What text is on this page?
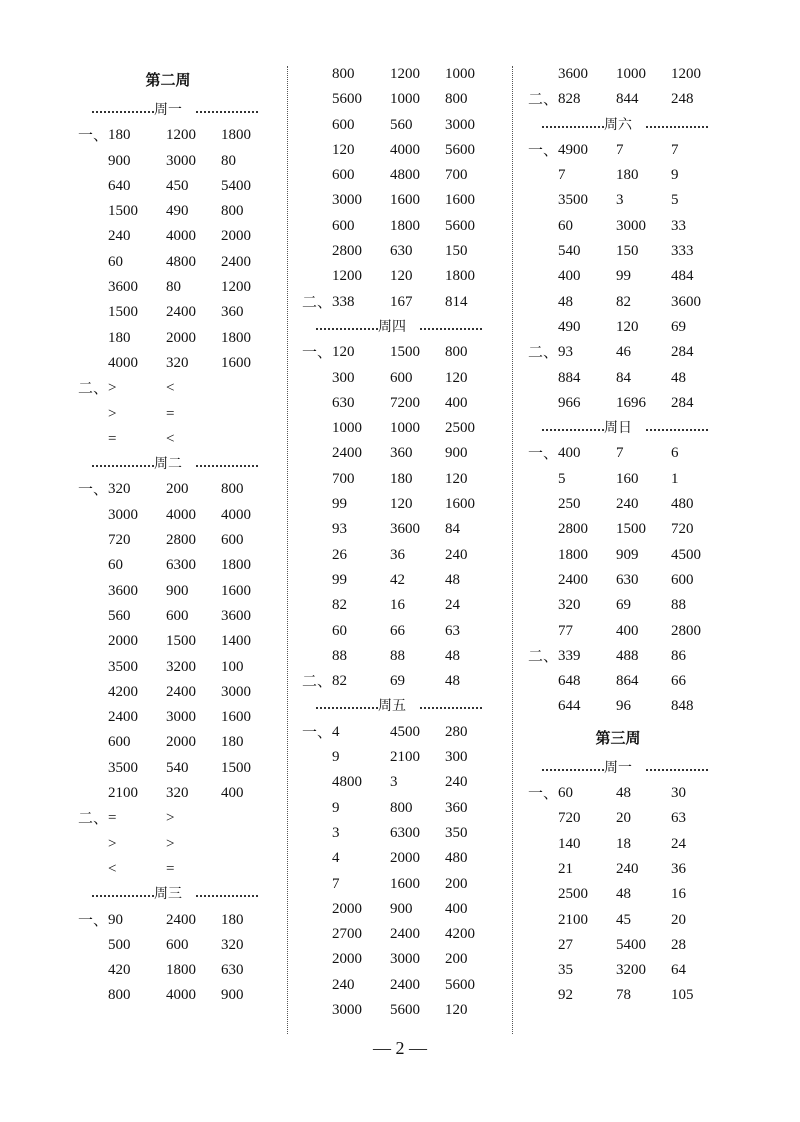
第二周
周一
一、 180 1200 1800
900 3000 80
640 450 5400
1500 490 800
240 4000 2000
60	4800 2400
3600 80	1200
1500 2400 360
180 2000 1800
4000 320 1600
二、 >	<
>	=
=	<
周二
一、 320 200 800
3000 4000 4000
720 2800 600
60	6300 1800
3600 900 1600
560 600 3600
2000 1500 1400
3500 3200 100
4200 2400 3000
2400 3000 1600
600 2000 180
3500 540 1500
2100 320 400
二、 =	>
>	>
<	=
周三
一、 90	2400 180
500 600 320
420 1800 630
800 4000 900
800 1200 1000
5600 1000 800
600 560 3000
120 4000 5600
600 4800 700
3000 1600 1600
600 1800 5600
2800 630 150
1200 120 1800
二、 338 167 814
周四
一、 120 1500 800
300 600 120
630 7200 400
1000 1000 2500
2400 360 900
700 180 120
99	120 1600
93	3600 84
26	36	240
99	42	48
82	16	24
60	66	63
88	88	48
二、 82	69	48
周五
一、 4	4500 280
9	2100 300
4800 3	240
9	800 360
3	6300 350
4	2000 480
7	1600 200
2000 900 400
2700 2400 4200
2000 3000 200
240 2400 5600
3000 5600 120
3600 1000 1200
二、 828 844 248
周六
一、 4900 7	7
7	180 9
3500 3	5
60	3000 33
540 150 333
400 99	484
48	82	3600
490 120 69
二、 93	46	284
884 84	48
966 1696 284
周日
一、 400 7	6
5	160 1
250 240 480
2800 1500 720
1800 909 4500
2400 630 600
320 69	88
77	400 2800
二、 339 488 86
648 864 66
644 96	848
第三周
周一
一、 60	48	30
720 20	63
140 18	24
21	240 36
2500 48	16
2100 45	20
27	5400 28
35	3200 64
92	78	105
— 2 —
